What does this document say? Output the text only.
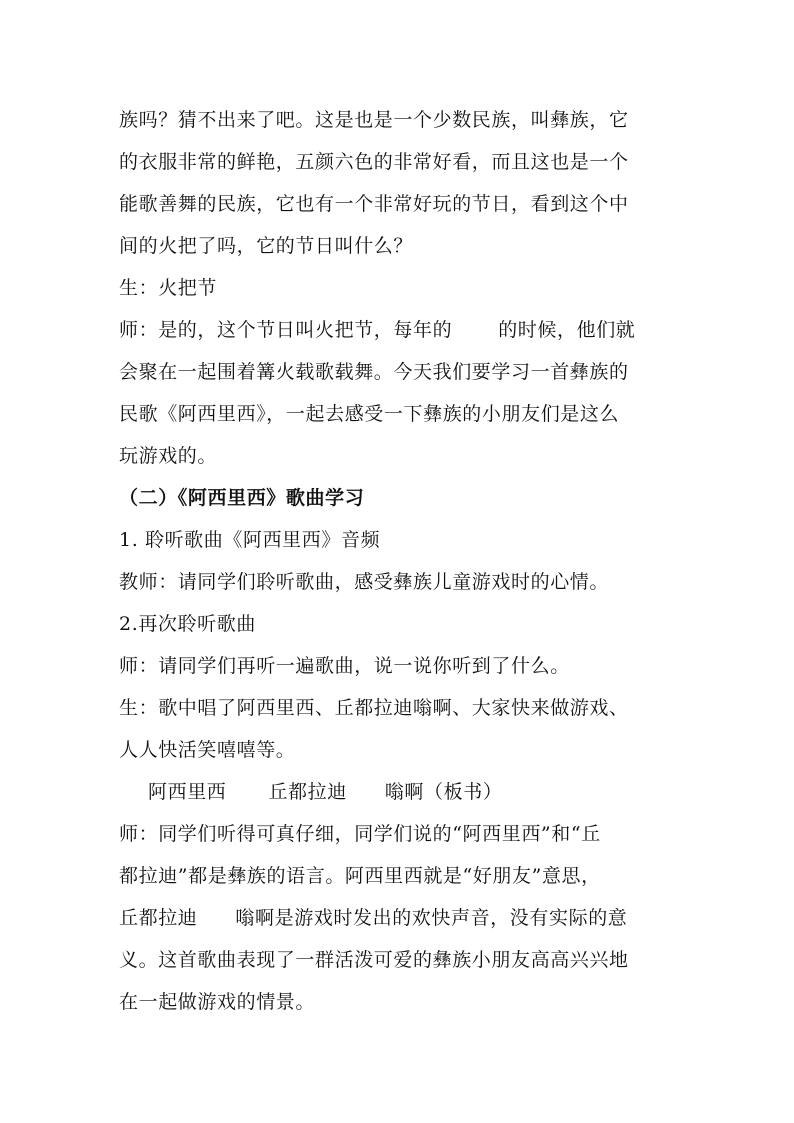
族吗？猜不出来了吧。这是也是一个少数民族，叫彝族，它
的衣服非常的鲜艳，五颜六色的非常好看，而且这也是一个
能歌善舞的民族，它也有一个非常好玩的节日，看到这个中
间的火把了吗，它的节日叫什么？
生：火把节
师：是的，这个节日叫火把节，每年的 的时候，他们就
会聚在一起围着篝火载歌载舞。今天我们要学习一首彝族的
民歌《阿西里西》，一起去感受一下彝族的小朋友们是这么
玩游戏的。
（二）《阿西里西》歌曲学习
1. 聆听歌曲《阿西里西》音频
教师：请同学们聆听歌曲，感受彝族儿童游戏时的心情。
2.再次聆听歌曲
师：请同学们再听一遍歌曲，说一说你听到了什么。
生：歌中唱了阿西里西、丘都拉迪嗡啊、大家快来做游戏、
人人快活笑嘻嘻等。
阿西里西 丘都拉迪 嗡啊（板书）
师：同学们听得可真仔细，同学们说的“阿西里西”和“丘
都拉迪”都是彝族的语言。阿西里西就是“好朋友”意思，
丘都拉迪 嗡啊是游戏时发出的欢快声音，没有实际的意
义。这首歌曲表现了一群活泼可爱的彝族小朋友高高兴兴地
在一起做游戏的情景。
